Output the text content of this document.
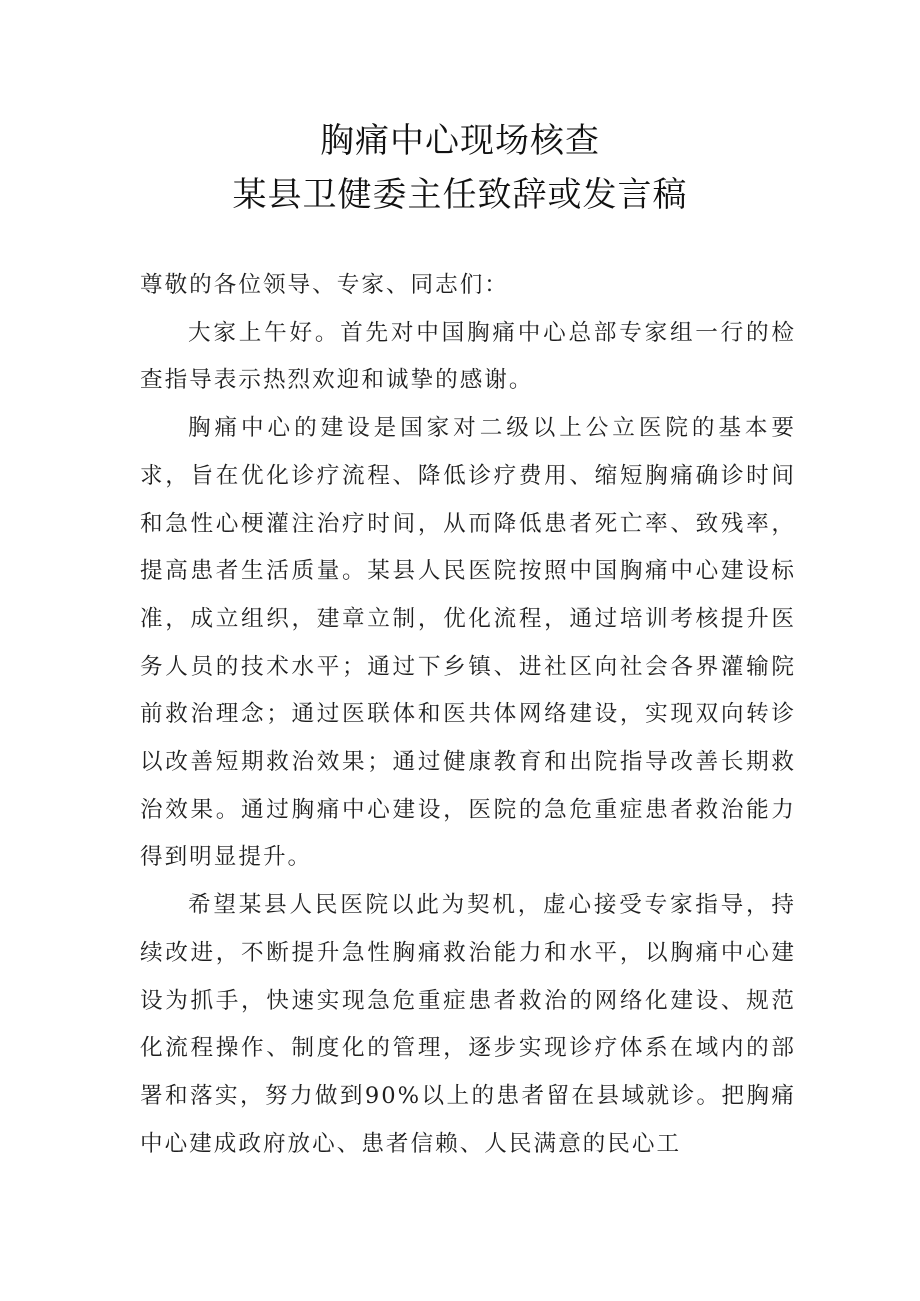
胸痛中心现场核查
某县卫健委主任致辞或发言稿

尊敬的各位领导、专家、同志们：

大家上午好。首先对中国胸痛中心总部专家组一行的检查指导表示热烈欢迎和诚挚的感谢。

胸痛中心的建设是国家对二级以上公立医院的基本要求，旨在优化诊疗流程、降低诊疗费用、缩短胸痛确诊时间和急性心梗灌注治疗时间，从而降低患者死亡率、致残率，提高患者生活质量。某县人民医院按照中国胸痛中心建设标准，成立组织，建章立制，优化流程，通过培训考核提升医务人员的技术水平；通过下乡镇、进社区向社会各界灌输院前救治理念；通过医联体和医共体网络建设，实现双向转诊以改善短期救治效果；通过健康教育和出院指导改善长期救治效果。通过胸痛中心建设，医院的急危重症患者救治能力得到明显提升。

希望某县人民医院以此为契机，虚心接受专家指导，持续改进，不断提升急性胸痛救治能力和水平，以胸痛中心建设为抓手，快速实现急危重症患者救治的网络化建设、规范化流程操作、制度化的管理，逐步实现诊疗体系在域内的部署和落实，努力做到90%以上的患者留在县域就诊。把胸痛中心建成政府放心、患者信赖、人民满意的民心工
